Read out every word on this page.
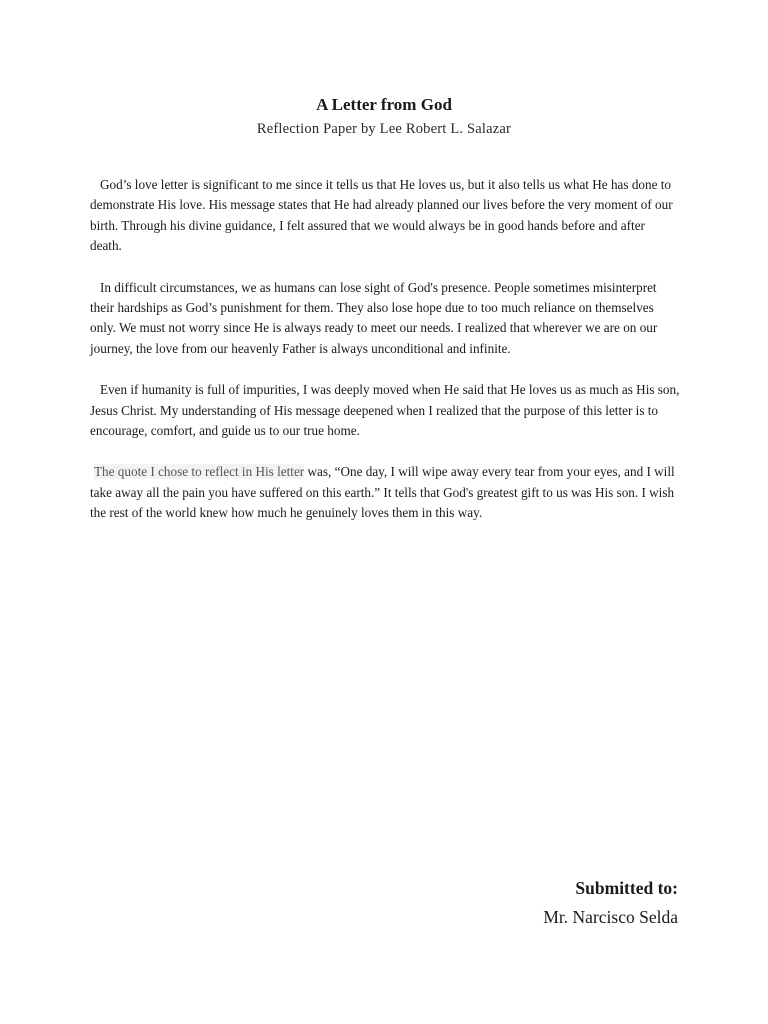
A Letter from God

Reflection Paper by Lee Robert L. Salazar

God’s love letter is significant to me since it tells us that He loves us, but it also tells us what He has done to demonstrate His love. His message states that He had already planned our lives before the very moment of our birth. Through his divine guidance, I felt assured that we would always be in good hands before and after death.

In difficult circumstances, we as humans can lose sight of God's presence. People sometimes misinterpret their hardships as God’s punishment for them. They also lose hope due to too much reliance on themselves only. We must not worry since He is always ready to meet our needs. I realized that wherever we are on our journey, the love from our heavenly Father is always unconditional and infinite.

Even if humanity is full of impurities, I was deeply moved when He said that He loves us as much as His son, Jesus Christ. My understanding of His message deepened when I realized that the purpose of this letter is to encourage, comfort, and guide us to our true home.

The quote I chose to reflect in His letter was, “One day, I will wipe away every tear from your eyes, and I will take away all the pain you have suffered on this earth.” It tells that God's greatest gift to us was His son. I wish the rest of the world knew how much he genuinely loves them in this way.

Submitted to:

Mr. Narcisco Selda
